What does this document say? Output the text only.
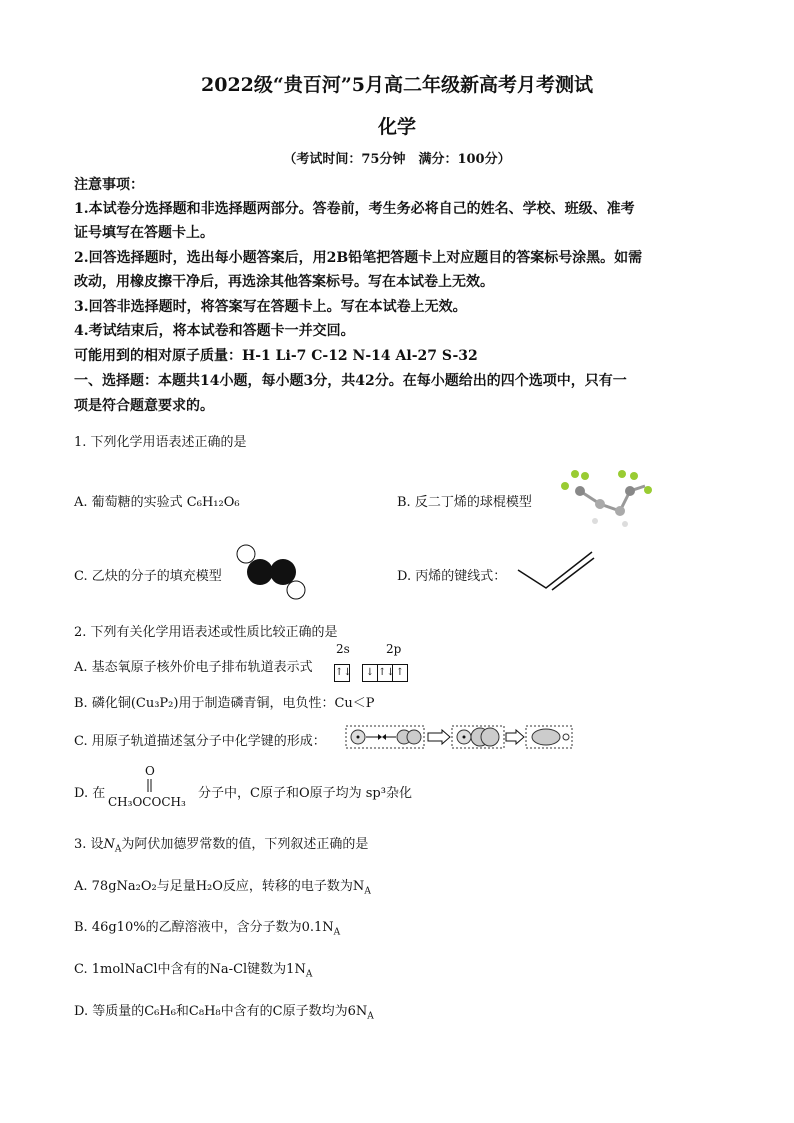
2022级“贵百河”5月高二年级新高考月考测试
化学
（考试时间：75分钟　满分：100分）
注意事项：
1.本试卷分选择题和非选择题两部分。答卷前，考生务必将自己的姓名、学校、班级、准考
证号填写在答题卡上。
2.回答选择题时，选出每小题答案后，用2B铅笔把答题卡上对应题目的答案标号涂黑。如需
改动，用橡皮擦干净后，再选涂其他答案标号。写在本试卷上无效。
3.回答非选择题时，将答案写在答题卡上。写在本试卷上无效。
4.考试结束后，将本试卷和答题卡一并交回。
可能用到的相对原子质量：H-1 Li-7 C-12 N-14 Al-27 S-32
一、选择题：本题共14小题，每小题3分，共42分。在每小题给出的四个选项中，只有一
项是符合题意要求的。
1. 下列化学用语表述正确的是
A. 葡萄糖的实验式 C₆H₁₂O₆	B. 反二丁烯的球棍模型
C. 乙炔的分子的填充模型	D. 丙烯的键线式：
2. 下列有关化学用语表述或性质比较正确的是
A. 基态氧原子核外价电子排布轨道表示式
2s	2p
↑↓	↓ ↑↓↑
B. 磷化铜(Cu₃P₂)用于制造磷青铜，电负性：Cu＜P
C. 用原子轨道描述氢分子中化学键的形成：
D. 在
O
CH₃OCOCH₃
分子中，C原子和O原子均为 sp³杂化
3. 设$N_A$为阿伏加德罗常数的值，下列叙述正确的是
A. 78gNa₂O₂与足量H₂O反应，转移的电子数为$N_A$
B. 46g10%的乙醇溶液中，含分子数为$0.1N_A$
C. 1molNaCl中含有的Na-Cl键数为$1N_A$
D. 等质量的C₆H₆和C₈H₈中含有的C原子数均为$6N_A$
